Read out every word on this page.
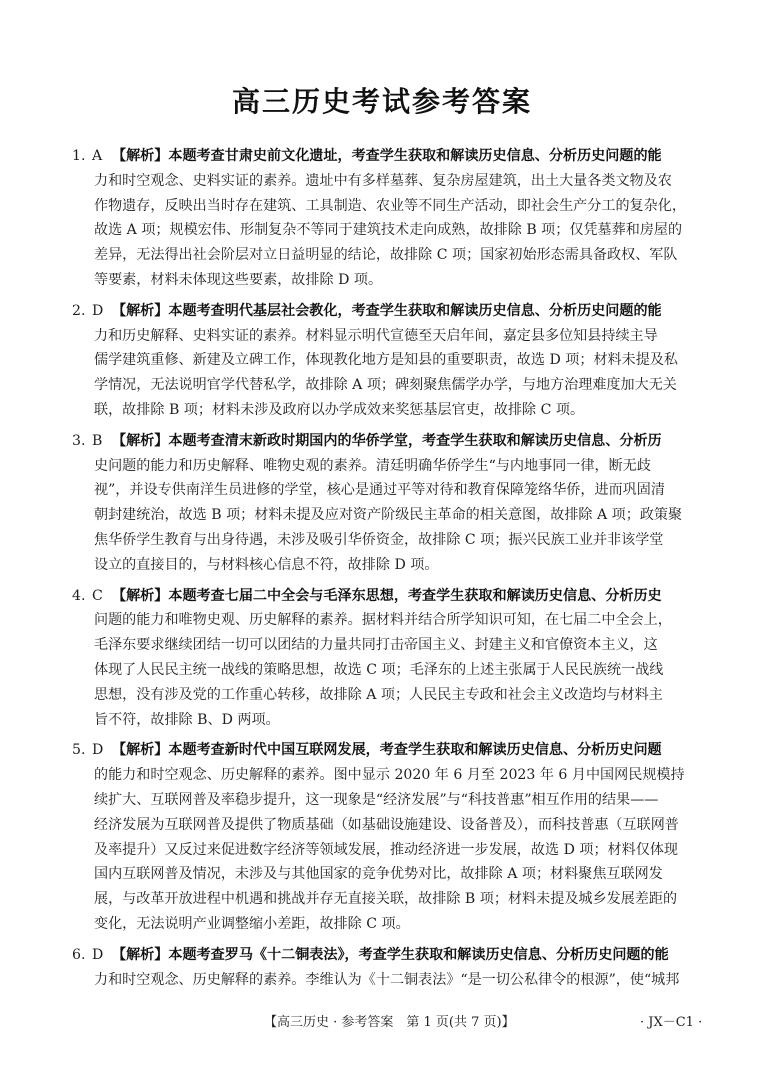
高三历史考试参考答案
1. A 【解析】本题考查甘肃史前文化遗址，考查学生获取和解读历史信息、分析历史问题的能
力和时空观念、史料实证的素养。遗址中有多样墓葬、复杂房屋建筑，出土大量各类文物及农
作物遗存，反映出当时存在建筑、工具制造、农业等不同生产活动，即社会生产分工的复杂化，
故选 A 项；规模宏伟、形制复杂不等同于建筑技术走向成熟，故排除 B 项；仅凭墓葬和房屋的
差异，无法得出社会阶层对立日益明显的结论，故排除 C 项；国家初始形态需具备政权、军队
等要素，材料未体现这些要素，故排除 D 项。
2. D 【解析】本题考查明代基层社会教化，考查学生获取和解读历史信息、分析历史问题的能
力和历史解释、史料实证的素养。材料显示明代宣德至天启年间，嘉定县多位知县持续主导
儒学建筑重修、新建及立碑工作，体现教化地方是知县的重要职责，故选 D 项；材料未提及私
学情况，无法说明官学代替私学，故排除 A 项；碑刻聚焦儒学办学，与地方治理难度加大无关
联，故排除 B 项；材料未涉及政府以办学成效来奖惩基层官吏，故排除 C 项。
3. B 【解析】本题考查清末新政时期国内的华侨学堂，考查学生获取和解读历史信息、分析历
史问题的能力和历史解释、唯物史观的素养。清廷明确华侨学生“与内地事同一律，断无歧
视”，并设专供南洋生员进修的学堂，核心是通过平等对待和教育保障笼络华侨，进而巩固清
朝封建统治，故选 B 项；材料未提及应对资产阶级民主革命的相关意图，故排除 A 项；政策聚
焦华侨学生教育与出身待遇，未涉及吸引华侨资金，故排除 C 项；振兴民族工业并非该学堂
设立的直接目的，与材料核心信息不符，故排除 D 项。
4. C 【解析】本题考查七届二中全会与毛泽东思想，考查学生获取和解读历史信息、分析历史
问题的能力和唯物史观、历史解释的素养。据材料并结合所学知识可知，在七届二中全会上，
毛泽东要求继续团结一切可以团结的力量共同打击帝国主义、封建主义和官僚资本主义，这
体现了人民民主统一战线的策略思想，故选 C 项；毛泽东的上述主张属于人民民族统一战线
思想，没有涉及党的工作重心转移，故排除 A 项；人民民主专政和社会主义改造均与材料主
旨不符，故排除 B、D 两项。
5. D 【解析】本题考查新时代中国互联网发展，考查学生获取和解读历史信息、分析历史问题
的能力和时空观念、历史解释的素养。图中显示 2020 年 6 月至 2023 年 6 月中国网民规模持
续扩大、互联网普及率稳步提升，这一现象是“经济发展”与“科技普惠”相互作用的结果——
经济发展为互联网普及提供了物质基础（如基础设施建设、设备普及），而科技普惠（互联网普
及率提升）又反过来促进数字经济等领域发展，推动经济进一步发展，故选 D 项；材料仅体现
国内互联网普及情况，未涉及与其他国家的竞争优势对比，故排除 A 项；材料聚焦互联网发
展，与改革开放进程中机遇和挑战并存无直接关联，故排除 B 项；材料未提及城乡发展差距的
变化，无法说明产业调整缩小差距，故排除 C 项。
6. D 【解析】本题考查罗马《十二铜表法》，考查学生获取和解读历史信息、分析历史问题的能
力和时空观念、历史解释的素养。李维认为《十二铜表法》“是一切公私律令的根源”，使“城邦
【高三历史 · 参考答案　第 1 页(共 7 页)】	· JX－C1 ·
